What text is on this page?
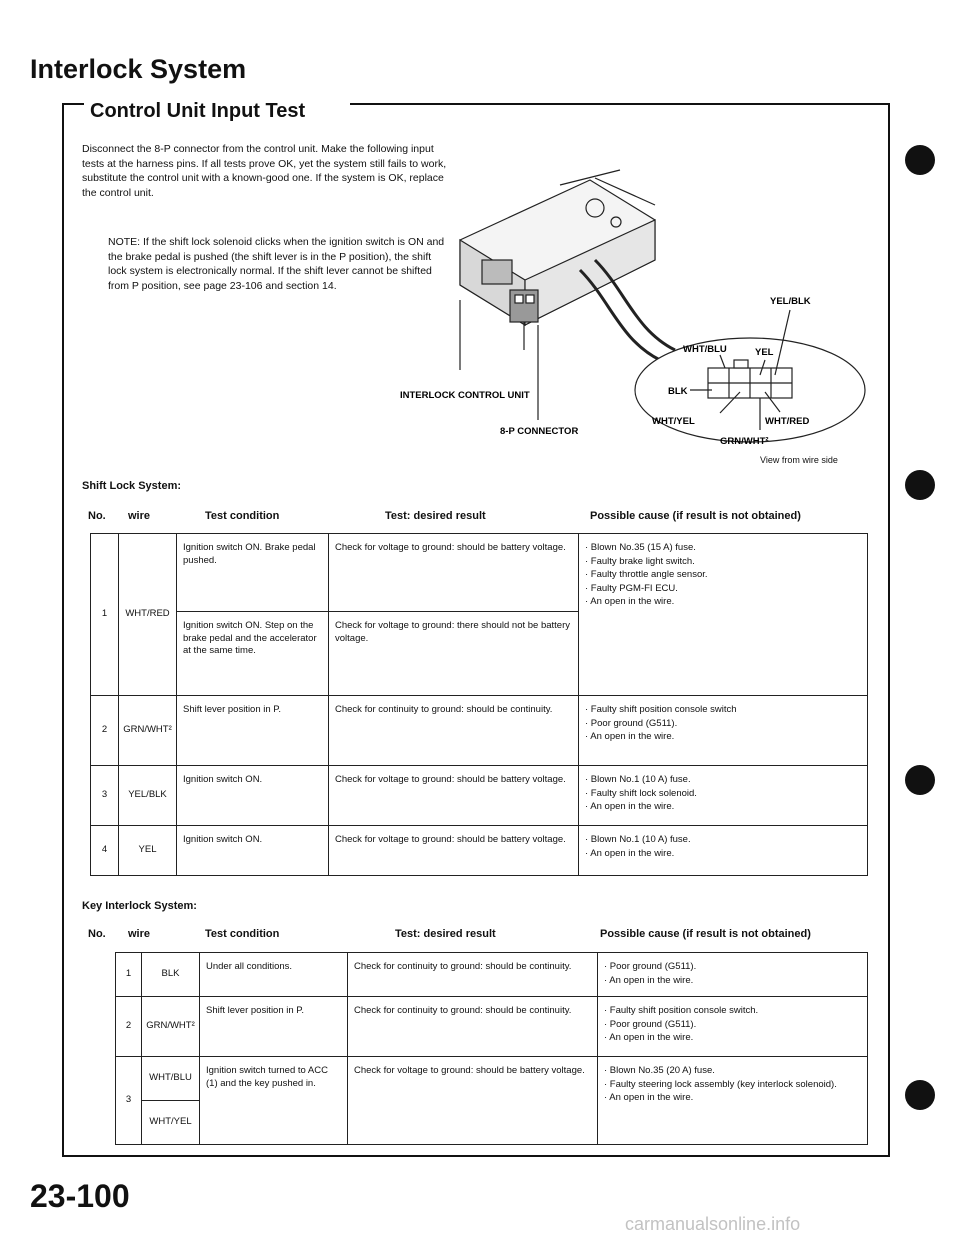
Interlock System
Control Unit Input Test
Disconnect the 8-P connector from the control unit. Make the following input tests at the harness pins. If all tests prove OK, yet the system still fails to work, substitute the control unit with a known-good one. If the system is OK, replace the control unit.
NOTE: If the shift lock solenoid clicks when the ignition switch is ON and the brake pedal is pushed (the shift lever is in the P position), the shift lock system is electronically normal. If the shift lever cannot be shifted from P position, see page 23-106 and section 14.
INTERLOCK CONTROL UNIT
8-P CONNECTOR
YEL/BLK
YEL
WHT/BLU
BLK
WHT/YEL	WHT/RED
GRN/WHT²
View from wire side
Shift Lock System:
No. wire	Test condition	Test: desired result	Possible cause (if result is not obtained)
1	WHT/RED	Ignition switch ON. Brake pedal pushed.	Check for voltage to ground: should be battery voltage.	· Blown No.35 (15 A) fuse.
· Faulty brake light switch.
· Faulty throttle angle sensor.
· Faulty PGM-FI ECU.
· An open in the wire.

		Ignition switch ON. Step on the brake pedal and the accelerator at the same time.	Check for voltage to ground: there should not be battery voltage.	
2	GRN/WHT²	Shift lever position in P.	Check for continuity to ground: should be continuity.	· Faulty shift position console switch
· Poor ground (G511).
· An open in the wire.

3	YEL/BLK	Ignition switch ON.	Check for voltage to ground: should be battery voltage.	· Blown No.1 (10 A) fuse.
· Faulty shift lock solenoid.
· An open in the wire.

4	YEL	Ignition switch ON.	Check for voltage to ground: should be battery voltage.	· Blown No.1 (10 A) fuse.
· An open in the wire.
Key Interlock System:
No. wire	Test condition	Test: desired result	Possible cause (if result is not obtained)
1	BLK	Under all conditions.	Check for continuity to ground: should be continuity.	· Poor ground (G511).
· An open in the wire.

2	GRN/WHT²	Shift lever position in P.	Check for continuity to ground: should be continuity.	· Faulty shift position console switch.
· Poor ground (G511).
· An open in the wire.

3	WHT/BLU	Ignition switch turned to ACC (1) and the key pushed in.	Check for voltage to ground: should be battery voltage.	· Blown No.35 (20 A) fuse.
· Faulty steering lock assembly (key interlock solenoid).
· An open in the wire.

	WHT/YEL			
23-100
carmanualsonline.info
